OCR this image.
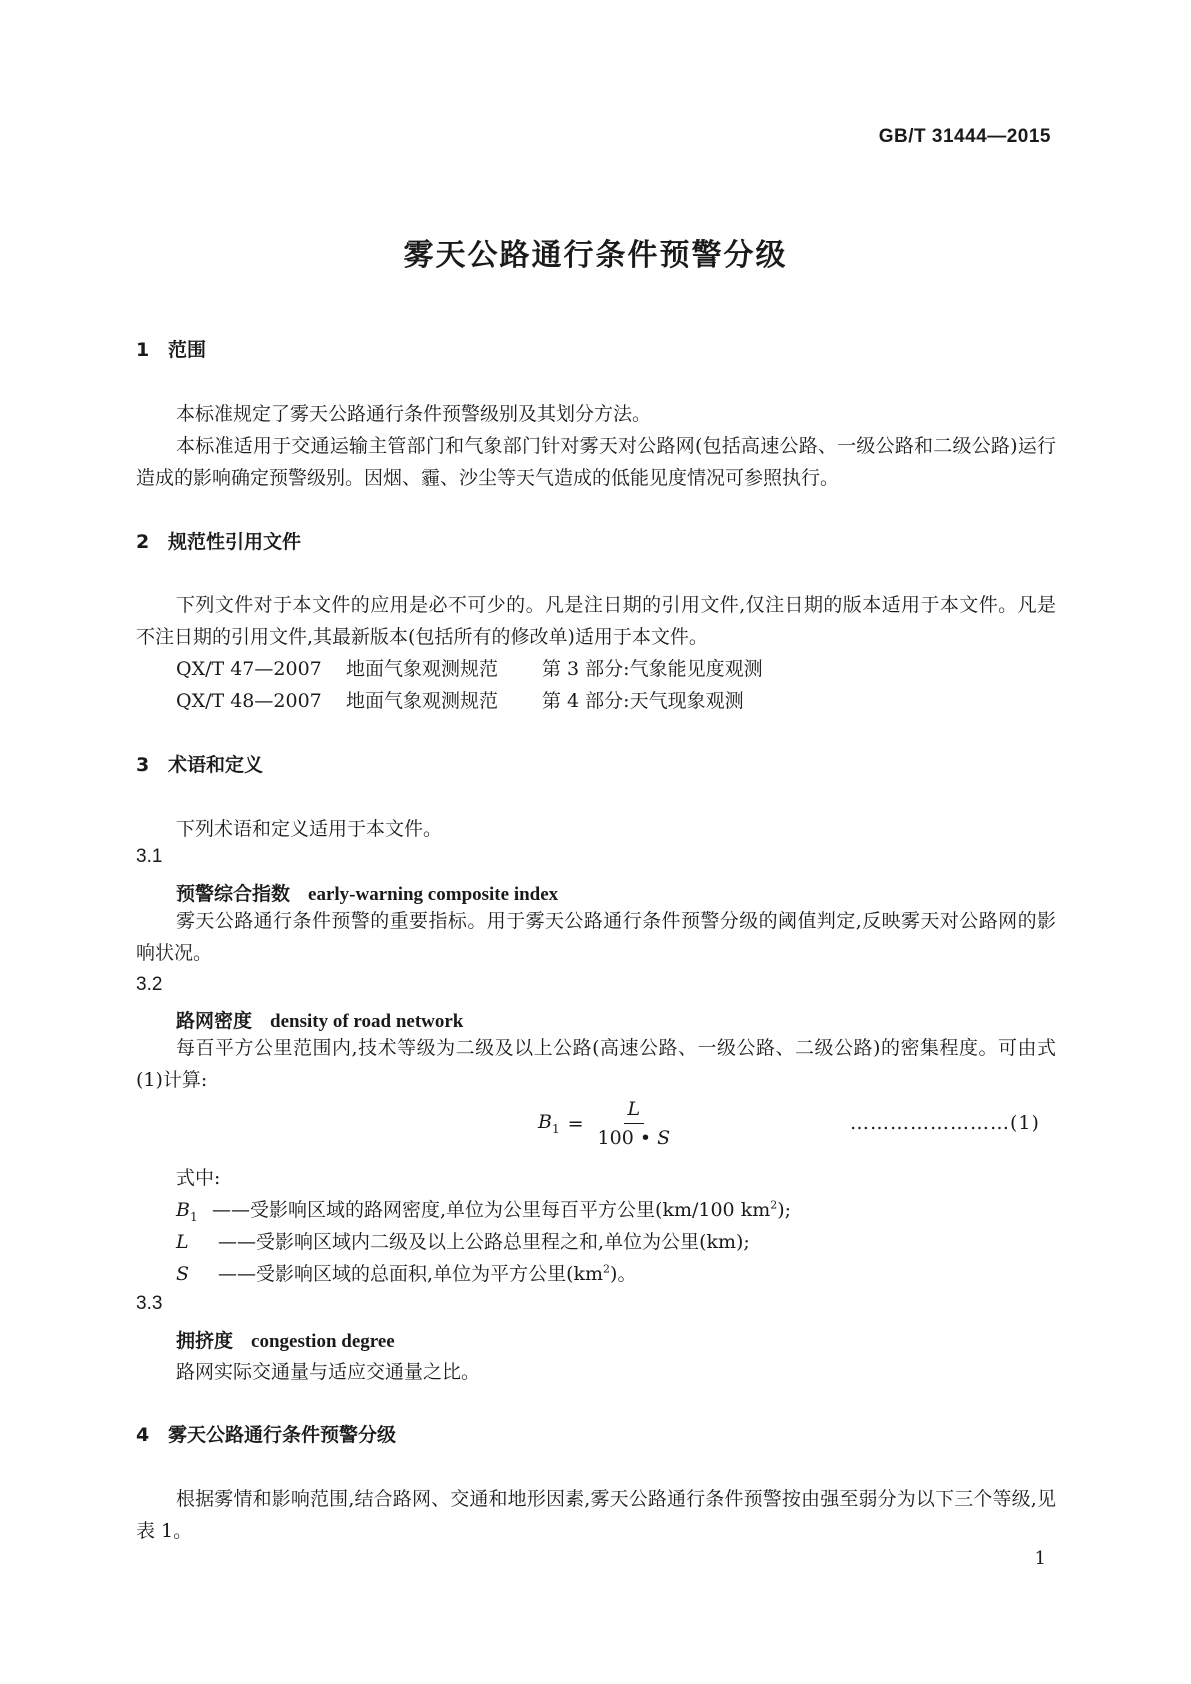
GB/T 31444—2015
雾天公路通行条件预警分级
1 范围
本标准规定了雾天公路通行条件预警级别及其划分方法。
本标准适用于交通运输主管部门和气象部门针对雾天对公路网(包括高速公路、一级公路和二级公路)运行造成的影响确定预警级别。因烟、霾、沙尘等天气造成的低能见度情况可参照执行。
2 规范性引用文件
下列文件对于本文件的应用是必不可少的。凡是注日期的引用文件,仅注日期的版本适用于本文件。凡是不注日期的引用文件,其最新版本(包括所有的修改单)适用于本文件。
QX/T 47—2007 地面气象观测规范 第 3 部分:气象能见度观测
QX/T 48—2007 地面气象观测规范 第 4 部分:天气现象观测
3 术语和定义
下列术语和定义适用于本文件。
3.1
预警综合指数 early-warning composite index
雾天公路通行条件预警的重要指标。用于雾天公路通行条件预警分级的阈值判定,反映雾天对公路网的影响状况。
3.2
路网密度 density of road network
每百平方公里范围内,技术等级为二级及以上公路(高速公路、一级公路、二级公路)的密集程度。可由式(1)计算:
$B_1 = \frac{L}{100 • S}$	……………………(1)
式中:
$B_1$ ——受影响区域的路网密度,单位为公里每百平方公里(km/100 $km^2$);
L ——受影响区域内二级及以上公路总里程之和,单位为公里(km);
S ——受影响区域的总面积,单位为平方公里$(km^2)$。
3.3
拥挤度 congestion degree
路网实际交通量与适应交通量之比。
4 雾天公路通行条件预警分级
根据雾情和影响范围,结合路网、交通和地形因素,雾天公路通行条件预警按由强至弱分为以下三个等级,见表 1。
1
